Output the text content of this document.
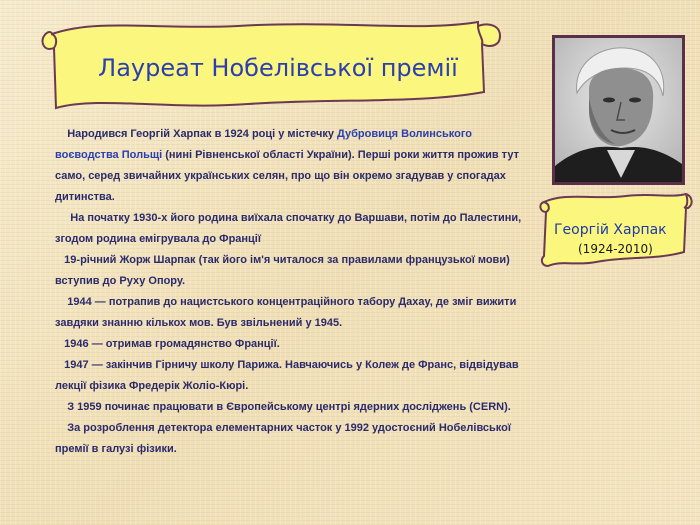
Лауреат Нобелівської премії
Георгій Харпак
(1924-2010)

Народився Георгій Харпак в 1924 році у містечку Дубровиця Волинського воєводства Польщі (нині Рівненської області України). Перші роки життя прожив тут само, серед звичайних українських селян, про що він окремо згадував у спогадах дитинства.

На початку 1930-х його родина виїхала спочатку до Варшави, потім до Палестини, згодом родина емігрувала до Франції

19-річний Жорж Шарпак (так його ім'я читалося за правилами французької мови) вступив до Руху Опору.

1944 — потрапив до нацистського концентраційного табору Дахау, де зміг вижити завдяки знанню кількох мов. Був звільнений у 1945.

1946 — отримав громадянство Франції.

1947 — закінчив Гірничу школу Парижа. Навчаючись у Колеж де Франс, відвідував лекції фізика Фредерік Жоліо-Кюрі.

З 1959 починає працювати в Європейському центрі ядерних досліджень (CERN).

За розроблення детектора елементарних часток у 1992 удостоєний Нобелівської премії в галузі фізики.
